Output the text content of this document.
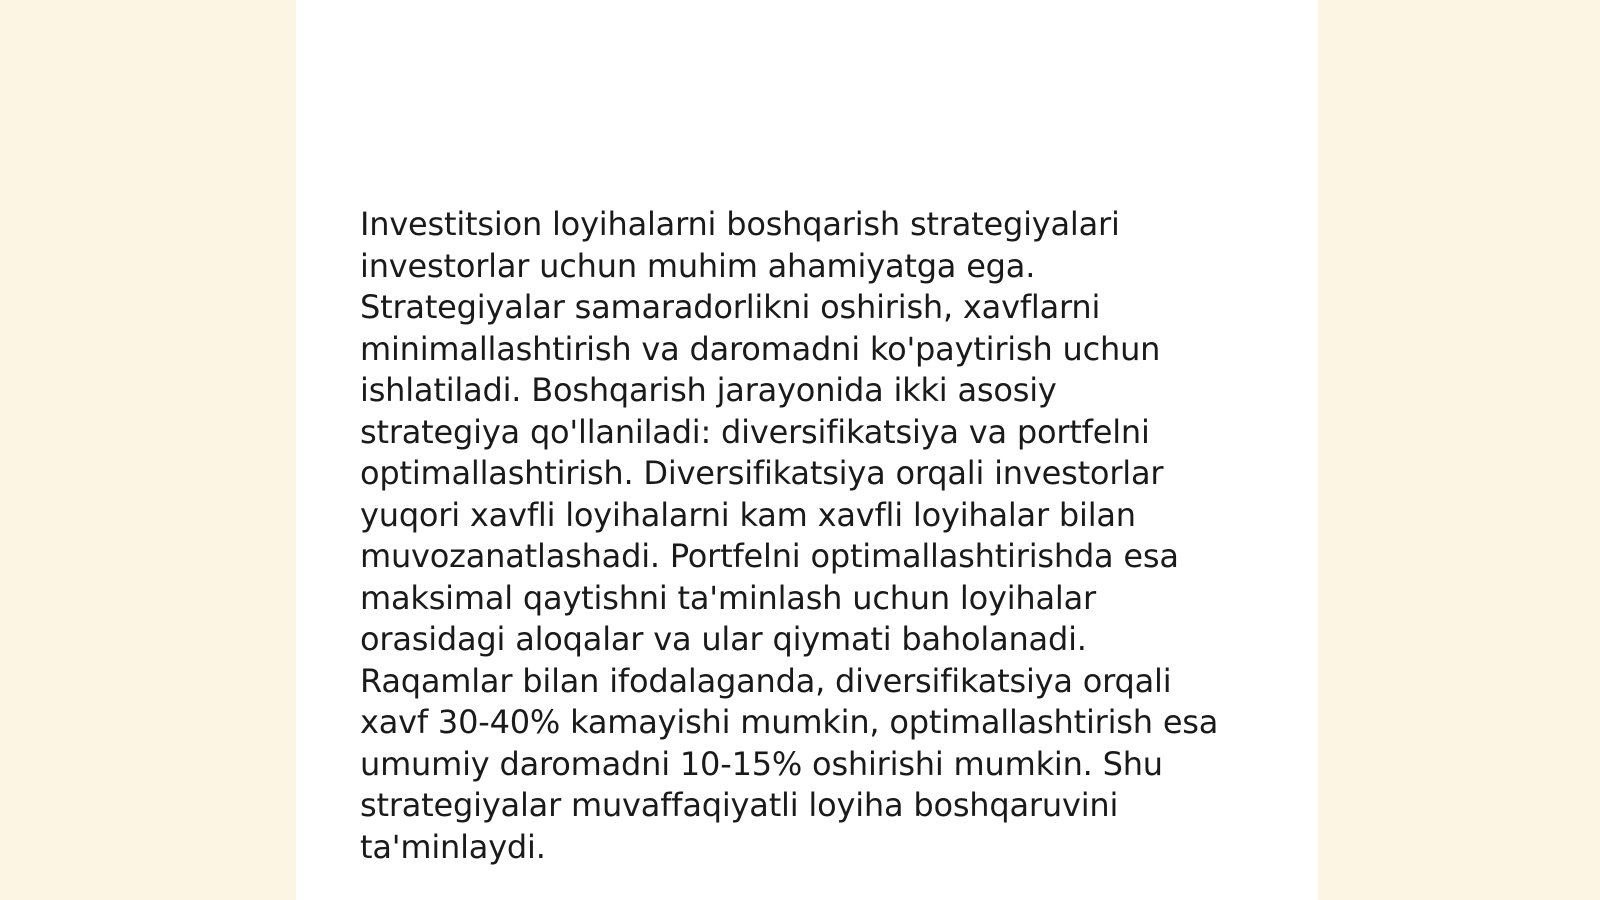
Investitsion loyihalarni boshqarish strategiyalari
investorlar uchun muhim ahamiyatga ega.
Strategiyalar samaradorlikni oshirish, xavflarni
minimallashtirish va daromadni ko'paytirish uchun
ishlatiladi. Boshqarish jarayonida ikki asosiy
strategiya qo'llaniladi: diversifikatsiya va portfelni
optimallashtirish. Diversifikatsiya orqali investorlar
yuqori xavfli loyihalarni kam xavfli loyihalar bilan
muvozanatlashadi. Portfelni optimallashtirishda esa
maksimal qaytishni ta'minlash uchun loyihalar
orasidagi aloqalar va ular qiymati baholanadi.
Raqamlar bilan ifodalaganda, diversifikatsiya orqali
xavf 30-40% kamayishi mumkin, optimallashtirish esa
umumiy daromadni 10-15% oshirishi mumkin. Shu
strategiyalar muvaffaqiyatli loyiha boshqaruvini
ta'minlaydi.
